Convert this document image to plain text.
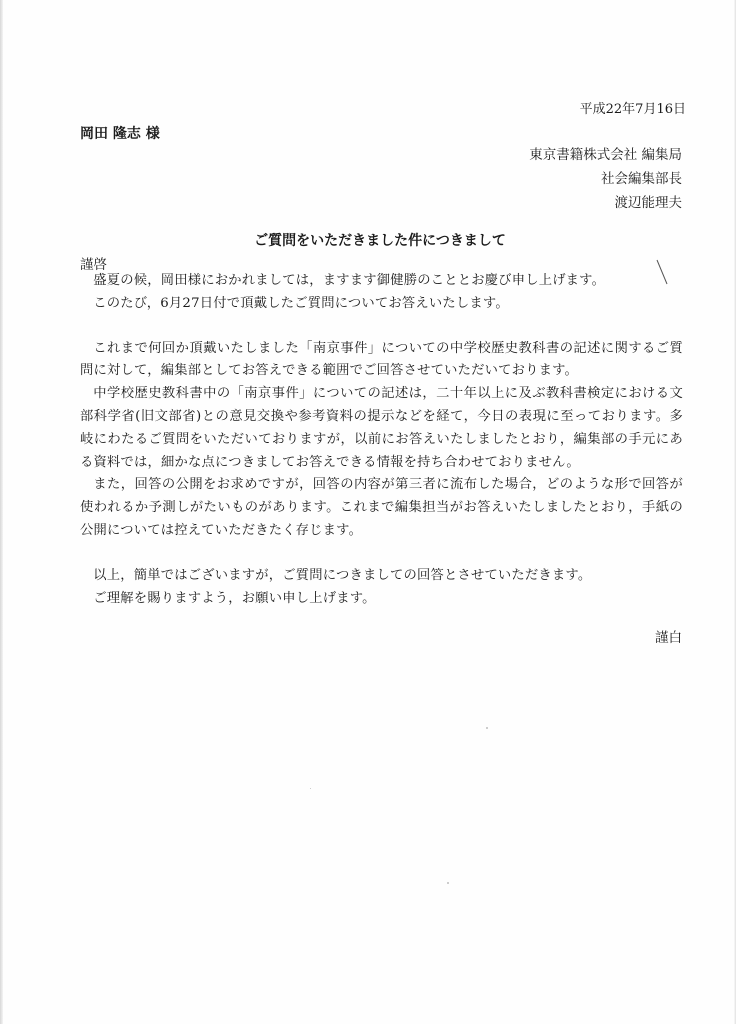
平成22年7月16日
岡田 隆志 様
東京書籍株式会社 編集局
社会編集部長
渡辺能理夫
ご質問をいただきました件につきまして
謹啓

盛夏の候，岡田様におかれましては，ますます御健勝のこととお慶び申し上げます。

このたび，6月27日付で頂戴したご質問についてお答えいたします。

これまで何回か頂戴いたしました「南京事件」についての中学校歴史教科書の記述に関するご質問に対して，編集部としてお答えできる範囲でご回答させていただいております。

中学校歴史教科書中の「南京事件」についての記述は，二十年以上に及ぶ教科書検定における文部科学省(旧文部省)との意見交換や参考資料の提示などを経て，今日の表現に至っております。多岐にわたるご質問をいただいておりますが，以前にお答えいたしましたとおり，編集部の手元にある資料では，細かな点につきましてお答えできる情報を持ち合わせておりません。

また，回答の公開をお求めですが，回答の内容が第三者に流布した場合，どのような形で回答が使われるか予測しがたいものがあります。これまで編集担当がお答えいたしましたとおり，手紙の公開については控えていただきたく存じます。

以上，簡単ではございますが，ご質問につきましての回答とさせていただきます。

ご理解を賜りますよう，お願い申し上げます。

謹白
